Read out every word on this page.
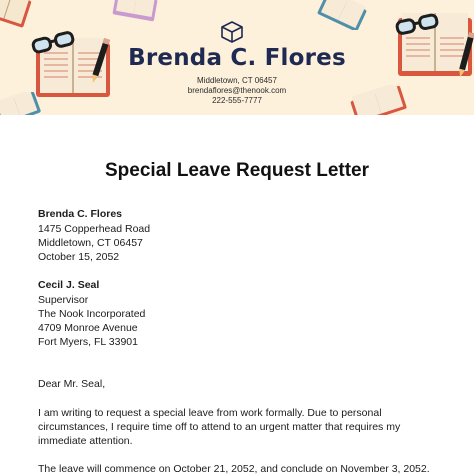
Brenda C. Flores
Middletown, CT 06457
brendaflores@thenook.com
222-555-7777
Special Leave Request Letter
Brenda C. Flores
1475 Copperhead Road
Middletown, CT 06457
October 15, 2052
Cecil J. Seal
Supervisor
The Nook Incorporated
4709 Monroe Avenue
Fort Myers, FL 33901
Dear Mr. Seal,
I am writing to request a special leave from work formally. Due to personal
circumstances, I require time off to attend to an urgent matter that requires my
immediate attention.
The leave will commence on October 21, 2052, and conclude on November 3, 2052.
